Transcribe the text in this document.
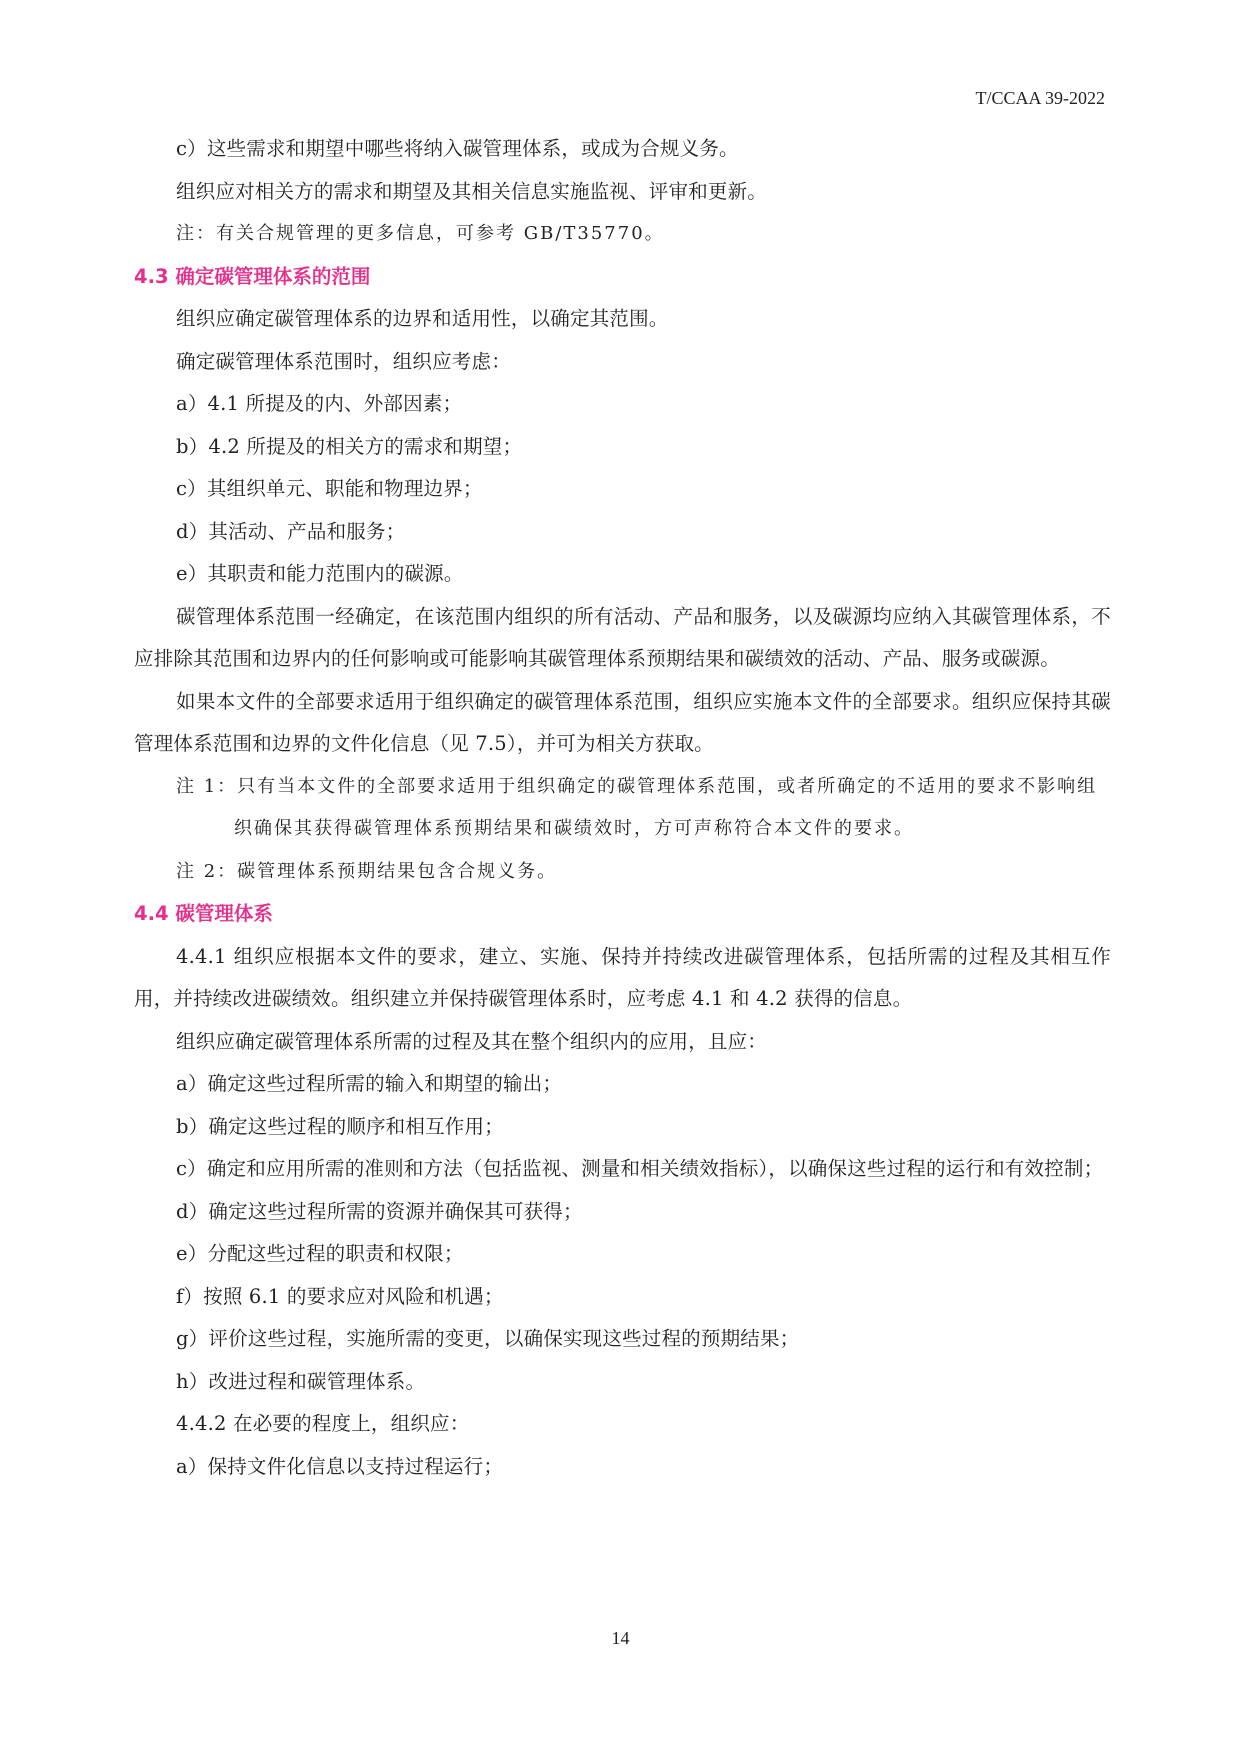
T/CCAA 39-2022

c）这些需求和期望中哪些将纳入碳管理体系，或成为合规义务。

组织应对相关方的需求和期望及其相关信息实施监视、评审和更新。

注：有关合规管理的更多信息，可参考 GB/T35770。

4.3 确定碳管理体系的范围

组织应确定碳管理体系的边界和适用性，以确定其范围。

确定碳管理体系范围时，组织应考虑：

a）4.1 所提及的内、外部因素；

b）4.2 所提及的相关方的需求和期望；

c）其组织单元、职能和物理边界；

d）其活动、产品和服务；

e）其职责和能力范围内的碳源。

碳管理体系范围一经确定，在该范围内组织的所有活动、产品和服务，以及碳源均应纳入其碳管理体系，不应排除其范围和边界内的任何影响或可能影响其碳管理体系预期结果和碳绩效的活动、产品、服务或碳源。

如果本文件的全部要求适用于组织确定的碳管理体系范围，组织应实施本文件的全部要求。组织应保持其碳管理体系范围和边界的文件化信息（见 7.5），并可为相关方获取。

注 1：只有当本文件的全部要求适用于组织确定的碳管理体系范围，或者所确定的不适用的要求不影响组织确保其获得碳管理体系预期结果和碳绩效时，方可声称符合本文件的要求。

注 2：碳管理体系预期结果包含合规义务。

4.4 碳管理体系

4.4.1 组织应根据本文件的要求，建立、实施、保持并持续改进碳管理体系，包括所需的过程及其相互作用，并持续改进碳绩效。组织建立并保持碳管理体系时，应考虑 4.1 和 4.2 获得的信息。

组织应确定碳管理体系所需的过程及其在整个组织内的应用，且应：

a）确定这些过程所需的输入和期望的输出；

b）确定这些过程的顺序和相互作用；

c）确定和应用所需的准则和方法（包括监视、测量和相关绩效指标），以确保这些过程的运行和有效控制；

d）确定这些过程所需的资源并确保其可获得；

e）分配这些过程的职责和权限；

f）按照 6.1 的要求应对风险和机遇；

g）评价这些过程，实施所需的变更，以确保实现这些过程的预期结果；

h）改进过程和碳管理体系。

4.4.2 在必要的程度上，组织应：

a）保持文件化信息以支持过程运行；

14
